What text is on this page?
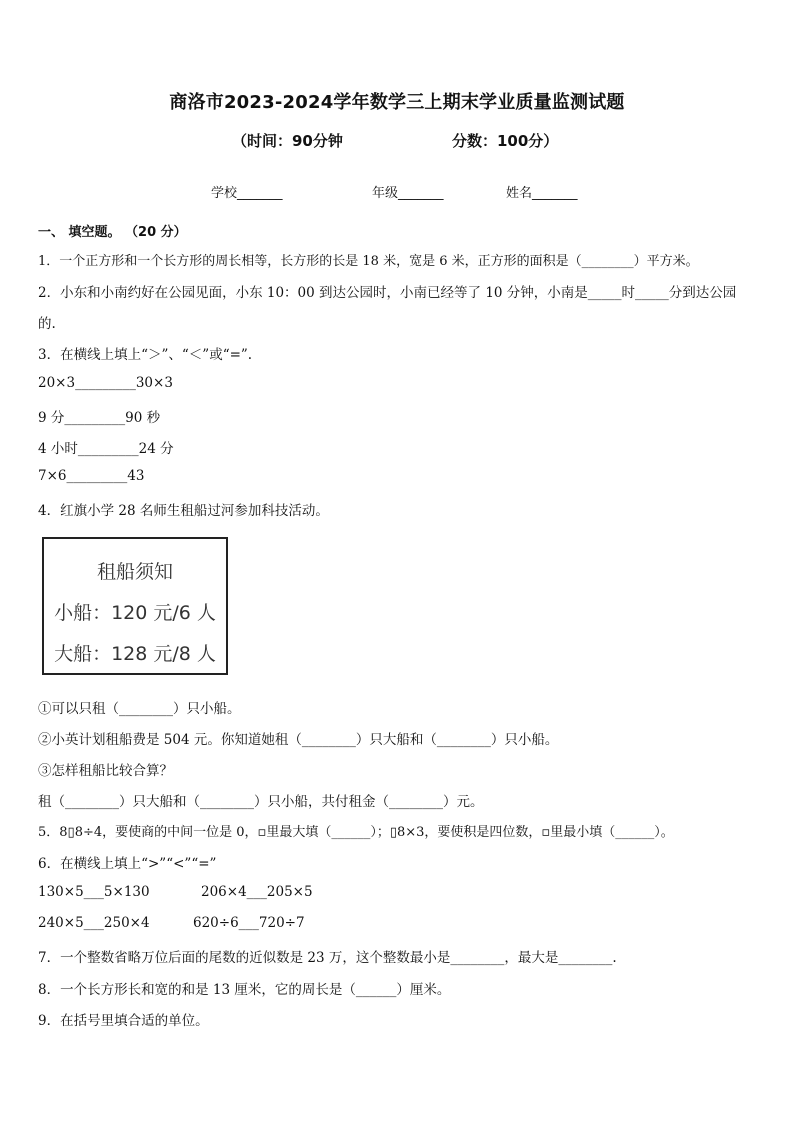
商洛市2023-2024学年数学三上期末学业质量监测试题
（时间：90分钟	分数：100分）
学校_______	年级_______	姓名_______
一、 填空题。 （20 分）
1．一个正方形和一个长方形的周长相等，长方形的长是 18 米，宽是 6 米，正方形的面积是（________）平方米。
2．小东和小南约好在公园见面，小东 10：00 到达公园时，小南已经等了 10 分钟，小南是_____时_____分到达公园
的.
3．在横线上填上“＞”、“＜”或“=”.
20×3_________30×3
9 分_________90 秒
4 小时_________24 分
7×6_________43
4．红旗小学 28 名师生租船过河参加科技活动。
租船须知
小船：120 元/6 人
大船：128 元/8 人
①可以只租（________）只小船。
②小英计划租船费是 504 元。你知道她租（________）只大船和（________）只小船。
③怎样租船比较合算？
租（________）只大船和（________）只小船，共付租金（________）元。
5．8▯8÷4，要使商的中间一位是 0，▫里最大填（______）；▯8×3，要使积是四位数，▫里最小填（______）。
6．在横线上填上“>”“<”“=”
130×5___5×130	206×4___205×5
240×5___250×4	620÷6___720÷7
7．一个整数省略万位后面的尾数的近似数是 23 万，这个整数最小是________，最大是________.
8．一个长方形长和宽的和是 13 厘米，它的周长是（______）厘米。
9．在括号里填合适的单位。
